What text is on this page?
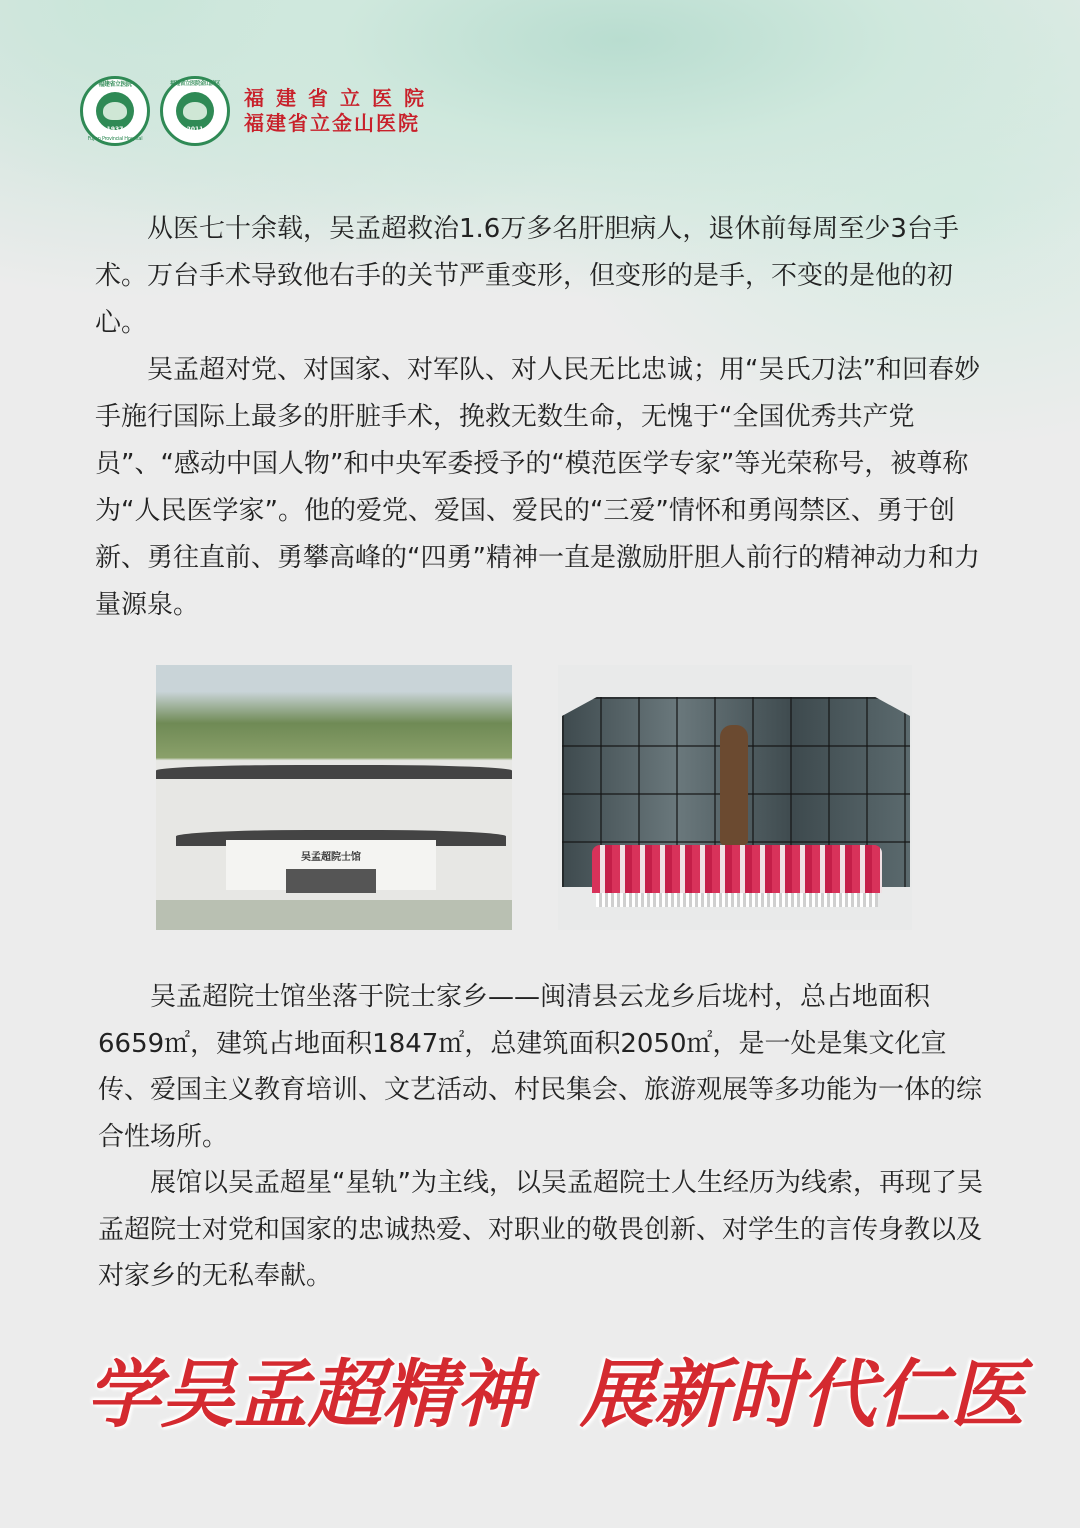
福建省立医院
1937
Fujian Provincial Hospital
福建省立医院金山院区
2011
福建省立医院
福建省立金山医院

从医七十余载，吴孟超救治1.6万多名肝胆病人，退休前每周至少3台手术。万台手术导致他右手的关节严重变形，但变形的是手，不变的是他的初心。

吴孟超对党、对国家、对军队、对人民无比忠诚；用“吴氏刀法”和回春妙手施行国际上最多的肝脏手术，挽救无数生命，无愧于“全国优秀共产党员”、“感动中国人物”和中央军委授予的“模范医学专家”等光荣称号，被尊称为“人民医学家”。他的爱党、爱国、爱民的“三爱”情怀和勇闯禁区、勇于创新、勇往直前、勇攀高峰的“四勇”精神一直是激励肝胆人前行的精神动力和力量源泉。

吴孟超院士馆

吴孟超院士馆坐落于院士家乡——闽清县云龙乡后垅村，总占地面积6659㎡，建筑占地面积1847㎡，总建筑面积2050㎡，是一处是集文化宣传、爱国主义教育培训、文艺活动、村民集会、旅游观展等多功能为一体的综合性场所。

展馆以吴孟超星“星轨”为主线，以吴孟超院士人生经历为线索，再现了吴孟超院士对党和国家的忠诚热爱、对职业的敬畏创新、对学生的言传身教以及对家乡的无私奉献。

学吴孟超精神 展新时代仁医
